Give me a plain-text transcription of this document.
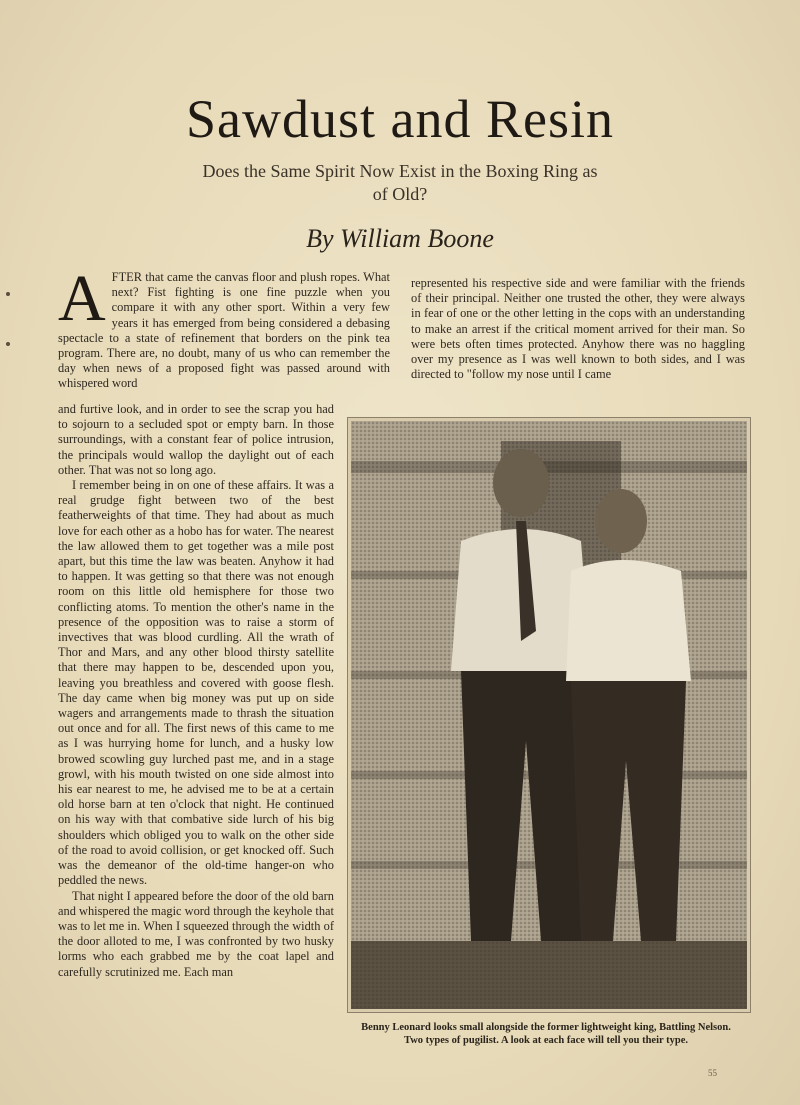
Sawdust and Resin
Does the Same Spirit Now Exist in the Boxing Ring as of Old?
By William Boone

AFTER that came the canvas floor and plush ropes. What next? Fist fighting is one fine puzzle when you compare it with any other sport. Within a very few years it has emerged from being considered a debasing spectacle to a state of refinement that borders on the pink tea program. There are, no doubt, many of us who can remember the day when news of a proposed fight was passed around with whispered word

and furtive look, and in order to see the scrap you had to sojourn to a secluded spot or empty barn. In those surroundings, with a constant fear of police intrusion, the principals would wallop the daylight out of each other. That was not so long ago.

I remember being in on one of these affairs. It was a real grudge fight between two of the best featherweights of that time. They had about as much love for each other as a hobo has for water. The nearest the law allowed them to get together was a mile post apart, but this time the law was beaten. Anyhow it had to happen. It was getting so that there was not enough room on this little old hemisphere for those two conflicting atoms. To mention the other's name in the presence of the opposition was to raise a storm of invectives that was blood curdling. All the wrath of Thor and Mars, and any other blood thirsty satellite that there may happen to be, descended upon you, leaving you breathless and covered with goose flesh. The day came when big money was put up on side wagers and arrangements made to thrash the situation out once and for all. The first news of this came to me as I was hurrying home for lunch, and a husky low browed scowling guy lurched past me, and in a stage growl, with his mouth twisted on one side almost into his ear nearest to me, he advised me to be at a certain old horse barn at ten o'clock that night. He continued on his way with that combative side lurch of his big shoulders which obliged you to walk on the other side of the road to avoid collision, or get knocked off. Such was the demeanor of the old-time hanger-on who peddled the news.

That night I appeared before the door of the old barn and whispered the magic word through the keyhole that was to let me in. When I squeezed through the width of the door alloted to me, I was confronted by two husky lorms who each grabbed me by the coat lapel and carefully scrutinized me. Each man

represented his respective side and were familiar with the friends of their principal. Neither one trusted the other, they were always in fear of one or the other letting in the cops with an understanding to make an arrest if the critical moment arrived for their man. So were bets often times protected. Anyhow there was no haggling over my presence as I was well known to both sides, and I was directed to "follow my nose until I came

Benny Leonard looks small alongside the former lightweight king, Battling Nelson. Two types of pugilist. A look at each face will tell you their type.
55
